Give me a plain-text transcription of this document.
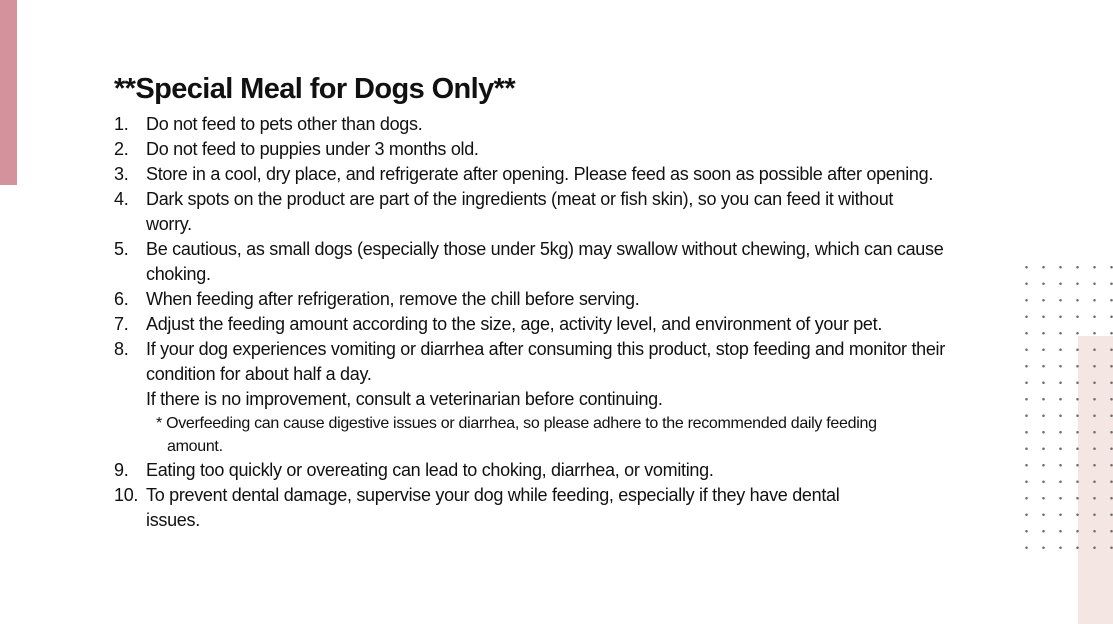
**Special Meal for Dogs Only**
1. Do not feed to pets other than dogs.
2. Do not feed to puppies under 3 months old.
3. Store in a cool, dry place, and refrigerate after opening. Please feed as soon as possible after opening.
4. Dark spots on the product are part of the ingredients (meat or fish skin), so you can feed it without worry.
5. Be cautious, as small dogs (especially those under 5kg) may swallow without chewing, which can cause choking.
6. When feeding after refrigeration, remove the chill before serving.
7. Adjust the feeding amount according to the size, age, activity level, and environment of your pet.
8. If your dog experiences vomiting or diarrhea after consuming this product, stop feeding and monitor their condition for about half a day.
If there is no improvement, consult a veterinarian before continuing.
* Overfeeding can cause digestive issues or diarrhea, so please adhere to the recommended daily feeding amount.
9. Eating too quickly or overeating can lead to choking, diarrhea, or vomiting.
10. To prevent dental damage, supervise your dog while feeding, especially if they have dental issues.
